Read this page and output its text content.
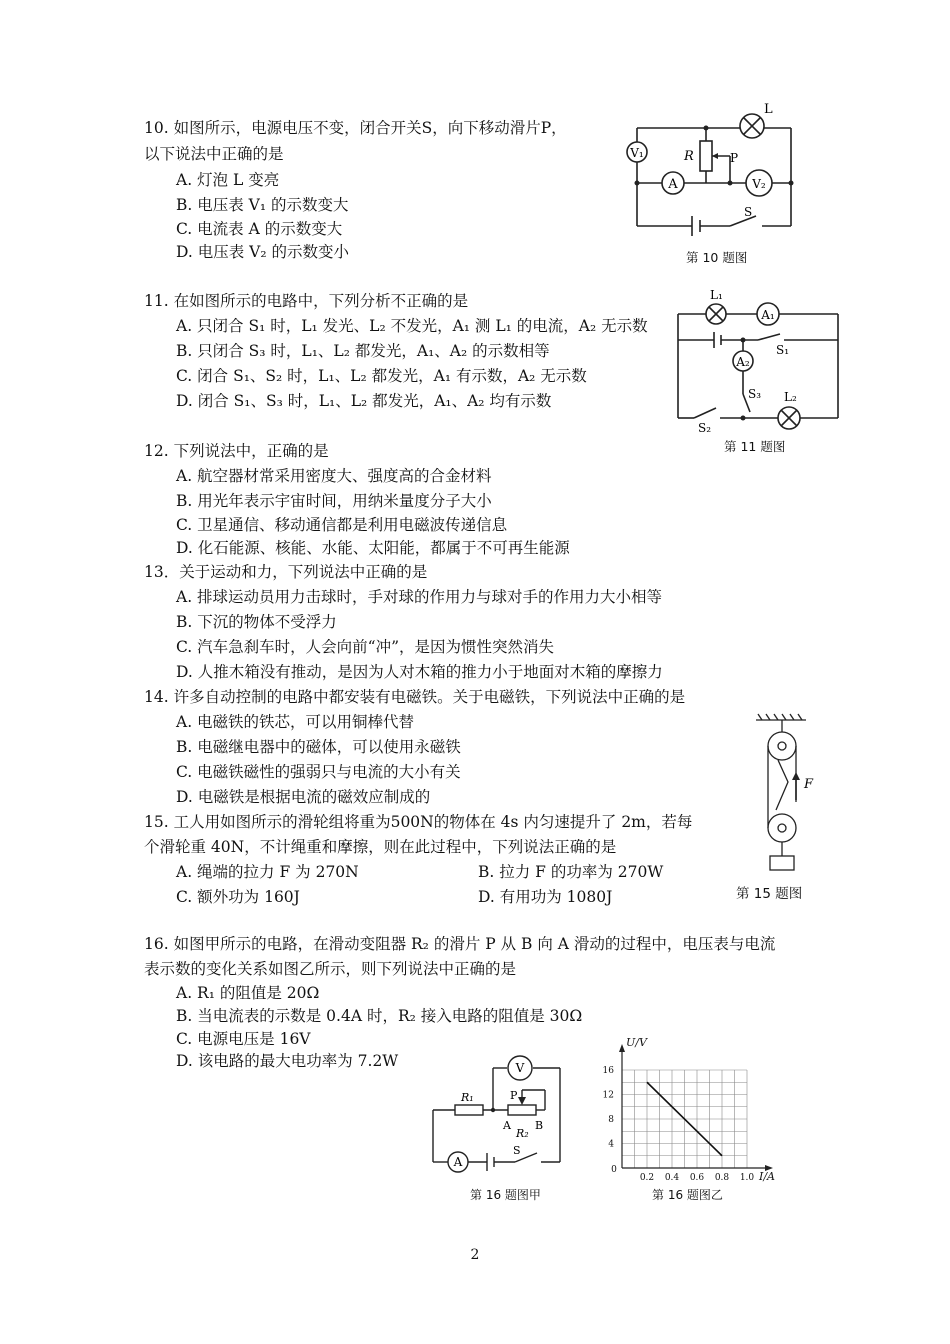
10. 如图所示，电源电压不变，闭合开关S，向下移动滑片P，
以下说法中正确的是
A. 灯泡 L 变亮
B. 电压表 V₁ 的示数变大
C. 电流表 A 的示数变大
D. 电压表 V₂ 的示数变小
L
R	P
V₁
A	V₂
S
第 10 题图
11. 在如图所示的电路中，下列分析不正确的是
A. 只闭合 S₁ 时，L₁ 发光、L₂ 不发光，A₁ 测 L₁ 的电流，A₂ 无示数
B. 只闭合 S₃ 时，L₁、L₂ 都发光，A₁、A₂ 的示数相等
C. 闭合 S₁、S₂ 时，L₁、L₂ 都发光，A₁ 有示数，A₂ 无示数
D. 闭合 S₁、S₃ 时，L₁、L₂ 都发光，A₁、A₂ 均有示数
L₁
A₁
S₁
A₂
S₃ L₂
S₂
第 11 题图
12. 下列说法中，正确的是
A. 航空器材常采用密度大、强度高的合金材料
B. 用光年表示宇宙时间，用纳米量度分子大小
C. 卫星通信、移动通信都是利用电磁波传递信息
D. 化石能源、核能、水能、太阳能，都属于不可再生能源
13．关于运动和力，下列说法中正确的是
A. 排球运动员用力击球时，手对球的作用力与球对手的作用力大小相等
B. 下沉的物体不受浮力
C. 汽车急刹车时，人会向前“冲”，是因为惯性突然消失
D. 人推木箱没有推动，是因为人对木箱的推力小于地面对木箱的摩擦力
14. 许多自动控制的电路中都安装有电磁铁。关于电磁铁，下列说法中正确的是
A. 电磁铁的铁芯，可以用铜棒代替
B. 电磁继电器中的磁体，可以使用永磁铁
C. 电磁铁磁性的强弱只与电流的大小有关
D. 电磁铁是根据电流的磁效应制成的
15. 工人用如图所示的滑轮组将重为500N的物体在 4s 内匀速提升了 2m，若每
个滑轮重 40N，不计绳重和摩擦，则在此过程中，下列说法正确的是
A. 绳端的拉力 F 为 270N	B. 拉力 F 的功率为 270W
C. 额外功为 160J	D. 有用功为 1080J
F
第 15 题图
16. 如图甲所示的电路，在滑动变阻器 R₂ 的滑片 P 从 B 向 A 滑动的过程中，电压表与电流
表示数的变化关系如图乙所示，则下列说法中正确的是
A. R₁ 的阻值是 20Ω
B. 当电流表的示数是 0.4A 时，R₂ 接入电路的阻值是 30Ω
C. 电源电压是 16V
D. 该电路的最大电功率为 7.2W
R₁	P
A B
R₂
V
A
S
第 16 题图甲
0
0.2 0.4 0.6 0.8 1.0
4
8
12
16
I/A
U/V
第 16 题图乙
2
